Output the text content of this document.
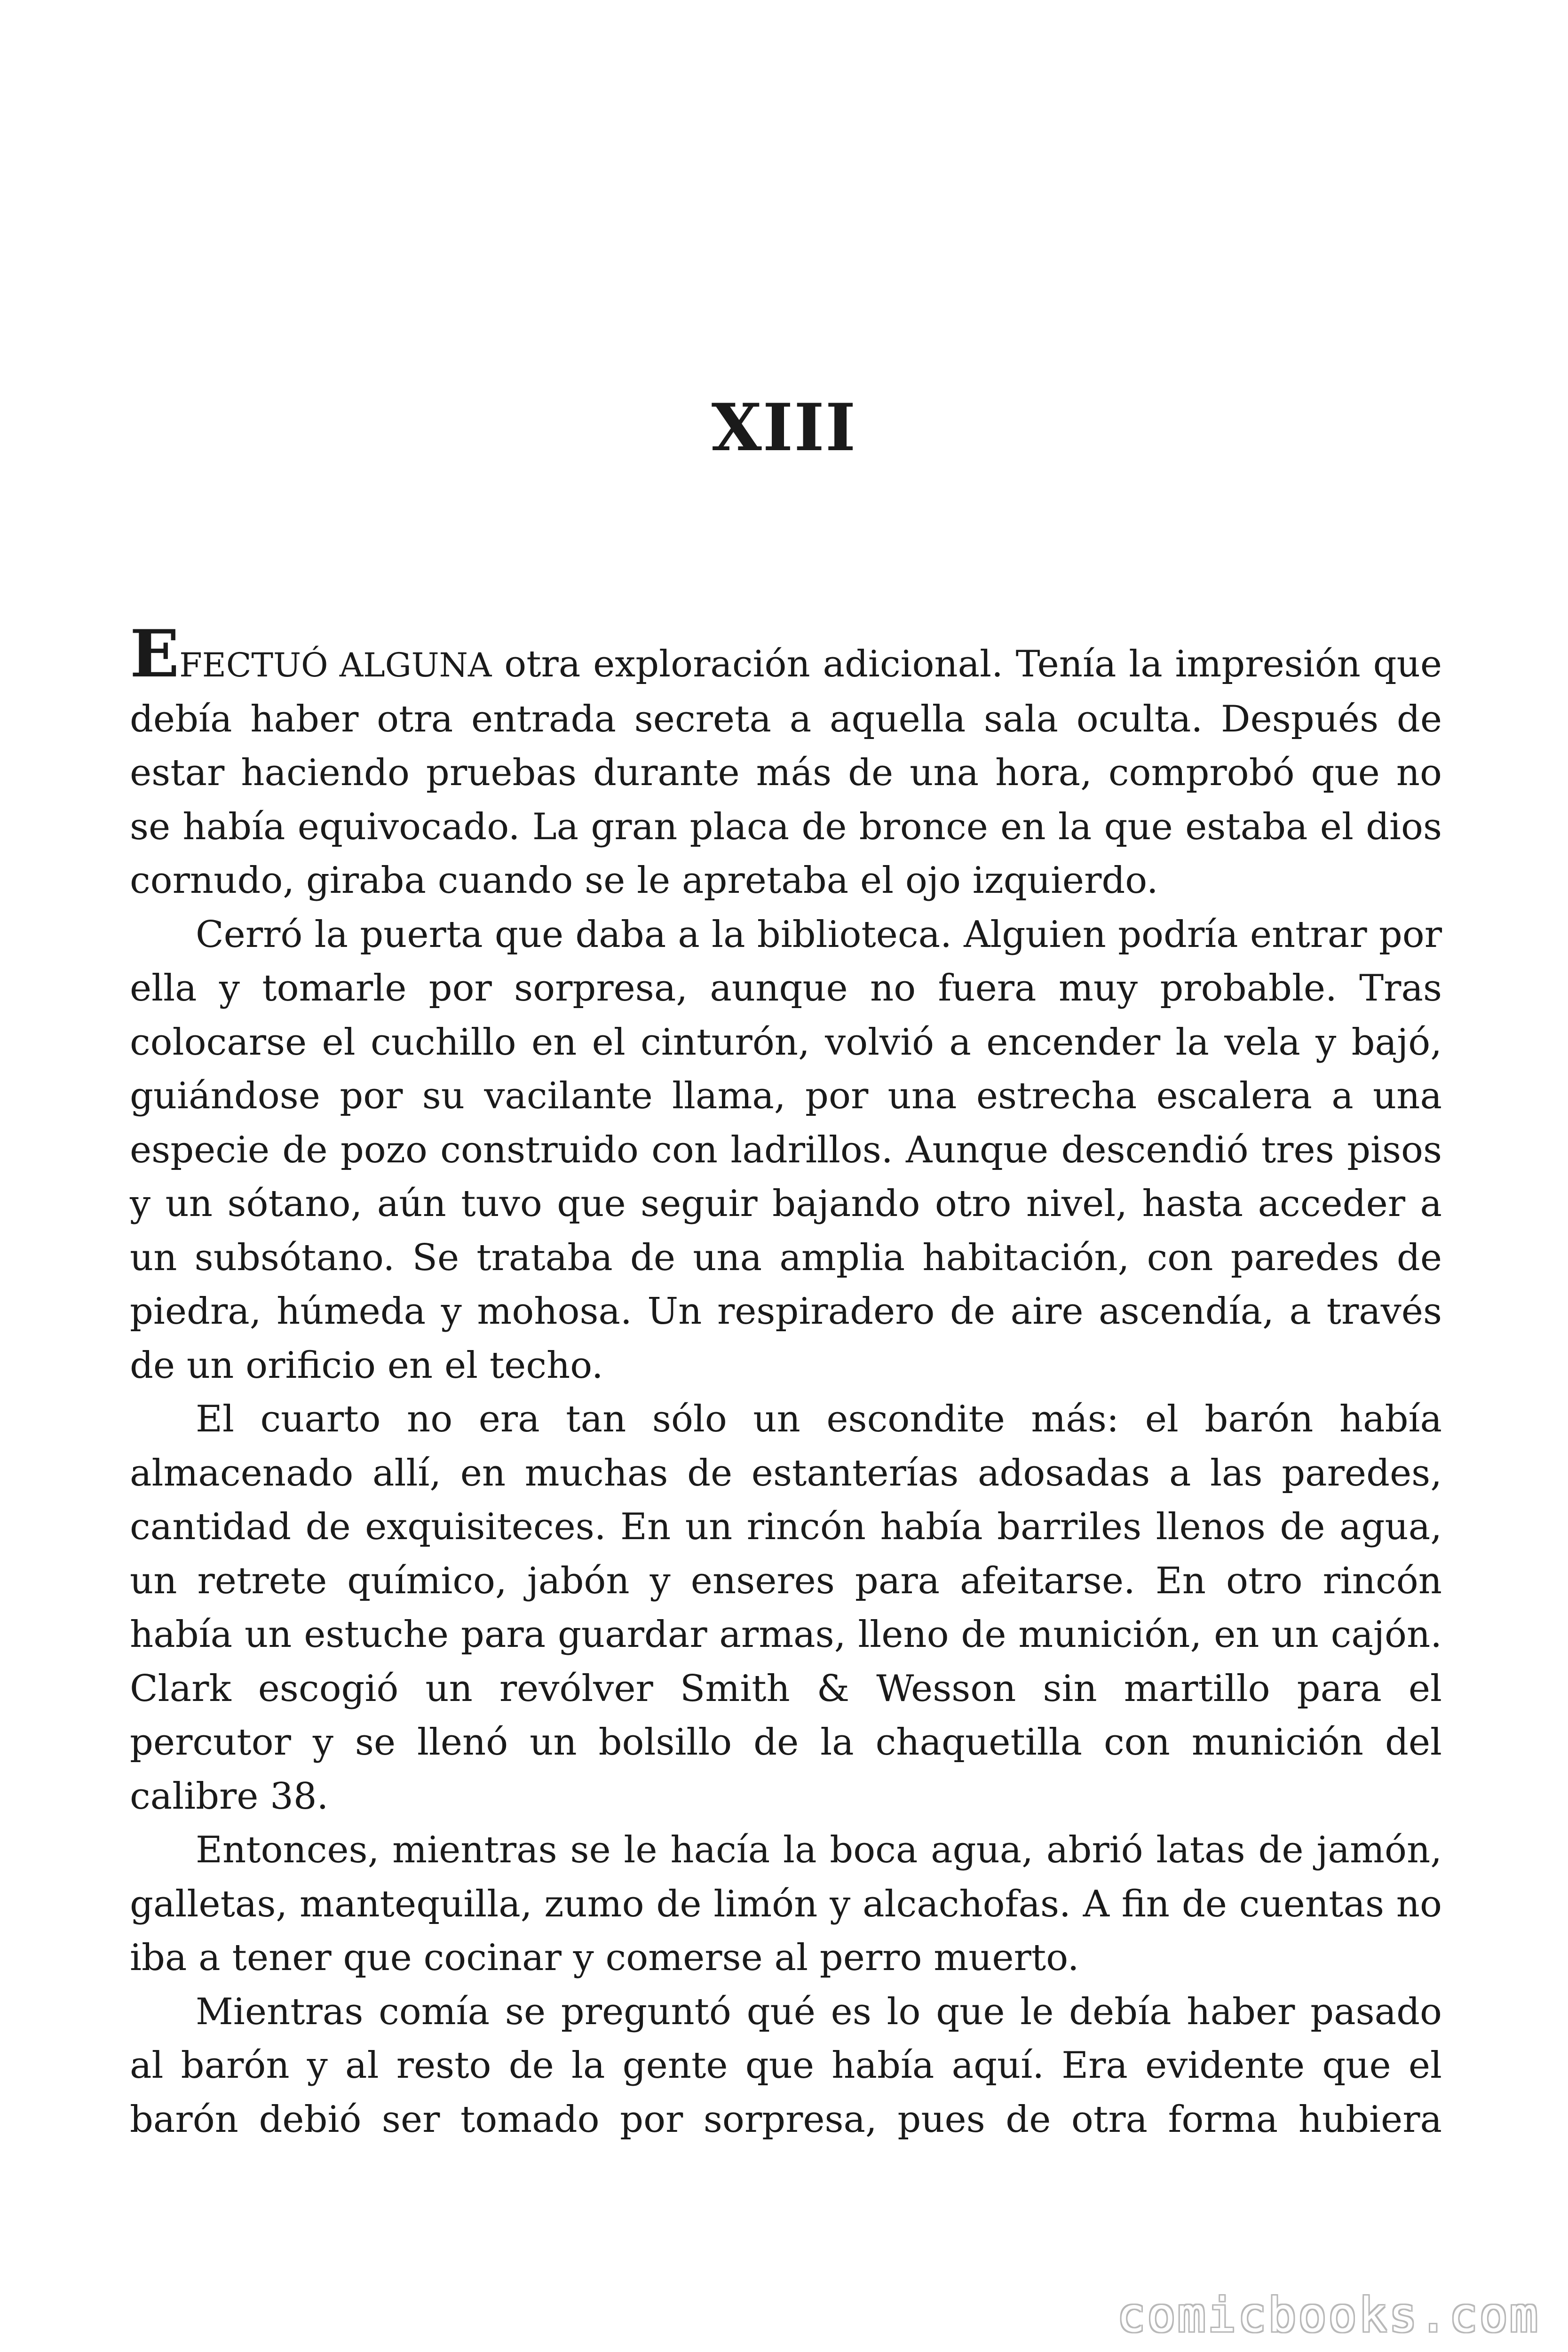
XIII

EFECTUÓ ALGUNA otra exploración adicional. Tenía la impresión que debía haber otra entrada secreta a aquella sala oculta. Después de estar haciendo pruebas durante más de una hora, comprobó que no se había equivocado. La gran placa de bronce en la que estaba el dios cornudo, giraba cuando se le apretaba el ojo izquierdo.

Cerró la puerta que daba a la biblioteca. Alguien podría entrar por ella y tomarle por sorpresa, aunque no fuera muy probable. Tras colocarse el cuchillo en el cinturón, volvió a encender la vela y bajó, guiándose por su vacilante llama, por una estrecha escalera a una especie de pozo construido con ladrillos. Aunque descendió tres pisos y un sótano, aún tuvo que seguir bajando otro nivel, hasta acceder a un subsótano. Se trataba de una amplia habitación, con paredes de piedra, húmeda y mohosa. Un respiradero de aire ascendía, a través de un orificio en el techo.

El cuarto no era tan sólo un escondite más: el barón había almacenado allí, en muchas de estanterías adosadas a las paredes, cantidad de exquisiteces. En un rincón había barriles llenos de agua, un retrete químico, jabón y enseres para afeitarse. En otro rincón había un estuche para guardar armas, lleno de munición, en un cajón. Clark escogió un revólver Smith & Wesson sin martillo para el percutor y se llenó un bolsillo de la chaquetilla con munición del calibre 38.

Entonces, mientras se le hacía la boca agua, abrió latas de jamón, galletas, mantequilla, zumo de limón y alcachofas. A fin de cuentas no iba a tener que cocinar y comerse al perro muerto.

Mientras comía se preguntó qué es lo que le debía haber pasado al barón y al resto de la gente que había aquí. Era evidente que el barón debió ser tomado por sorpresa, pues de otra forma hubiera

comicbooks.com
